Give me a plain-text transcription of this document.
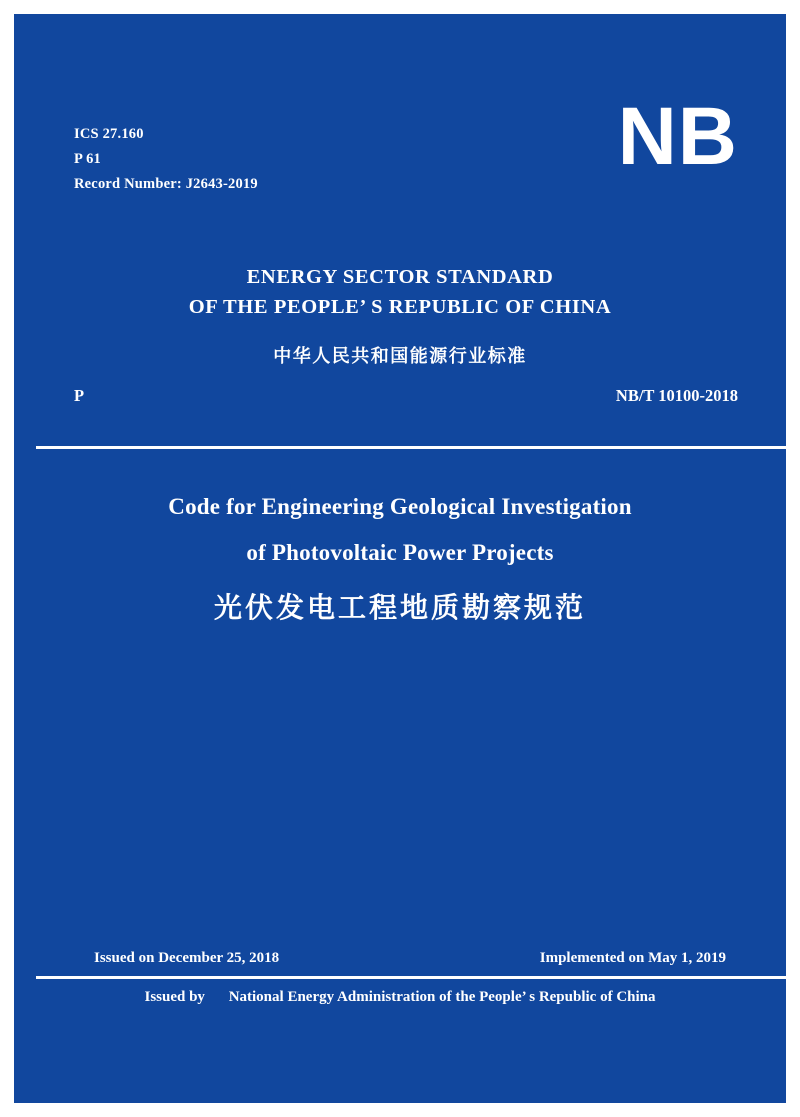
ICS 27.160
P 61
Record Number: J2643-2019
NB
ENERGY SECTOR STANDARD
OF THE PEOPLE’ S REPUBLIC OF CHINA
中华人民共和国能源行业标准
P	NB/T 10100-2018
Code for Engineering Geological Investigation
of Photovoltaic Power Projects
光伏发电工程地质勘察规范
Issued on December 25, 2018	Implemented on May 1, 2019
Issued by National Energy Administration of the People’ s Republic of China
